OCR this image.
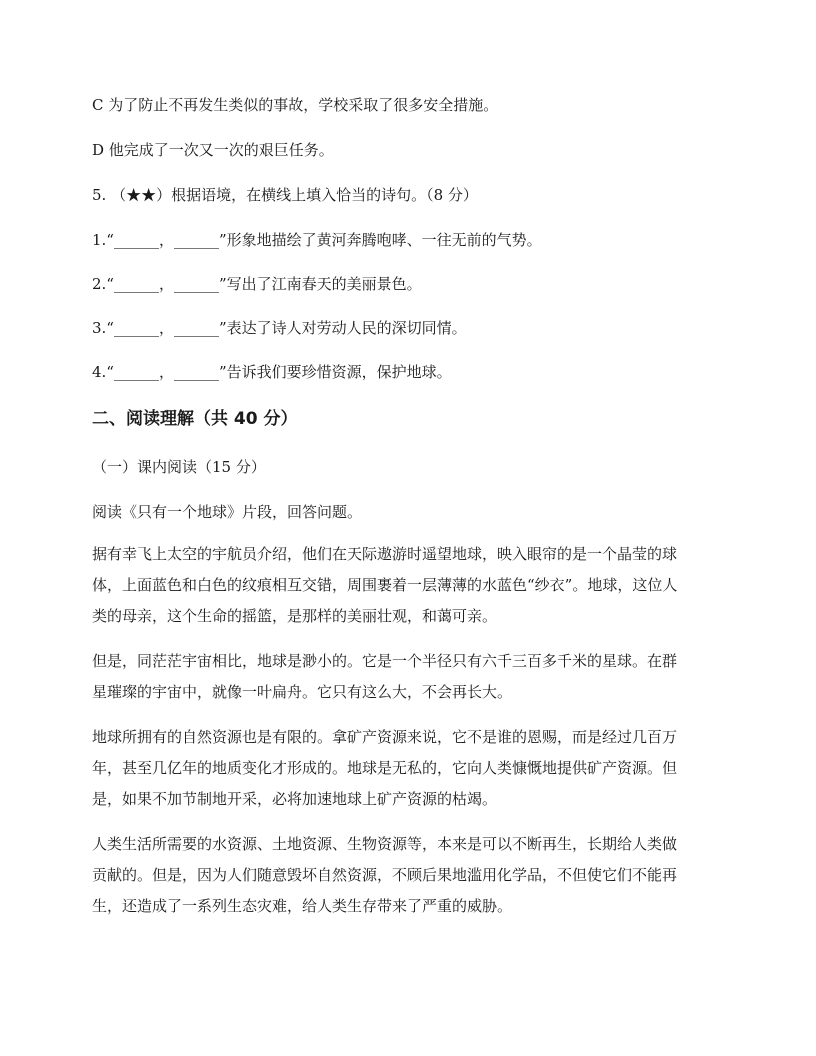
C 为了防止不再发生类似的事故，学校采取了很多安全措施。
D 他完成了一次又一次的艰巨任务。
5. （★★）根据语境，在横线上填入恰当的诗句。（8 分）
1.“______，______”形象地描绘了黄河奔腾咆哮、一往无前的气势。
2.“______，______”写出了江南春天的美丽景色。
3.“______，______”表达了诗人对劳动人民的深切同情。
4.“______，______”告诉我们要珍惜资源，保护地球。
二、阅读理解（共 40 分）
（一）课内阅读（15 分）
阅读《只有一个地球》片段，回答问题。
据有幸飞上太空的宇航员介绍，他们在天际遨游时遥望地球，映入眼帘的是一个晶莹的球
体，上面蓝色和白色的纹痕相互交错，周围裹着一层薄薄的水蓝色“纱衣”。地球，这位人
类的母亲，这个生命的摇篮，是那样的美丽壮观，和蔼可亲。
但是，同茫茫宇宙相比，地球是渺小的。它是一个半径只有六千三百多千米的星球。在群
星璀璨的宇宙中，就像一叶扁舟。它只有这么大，不会再长大。
地球所拥有的自然资源也是有限的。拿矿产资源来说，它不是谁的恩赐，而是经过几百万
年，甚至几亿年的地质变化才形成的。地球是无私的，它向人类慷慨地提供矿产资源。但
是，如果不加节制地开采，必将加速地球上矿产资源的枯竭。
人类生活所需要的水资源、土地资源、生物资源等，本来是可以不断再生，长期给人类做
贡献的。但是，因为人们随意毁坏自然资源，不顾后果地滥用化学品，不但使它们不能再
生，还造成了一系列生态灾难，给人类生存带来了严重的威胁。
